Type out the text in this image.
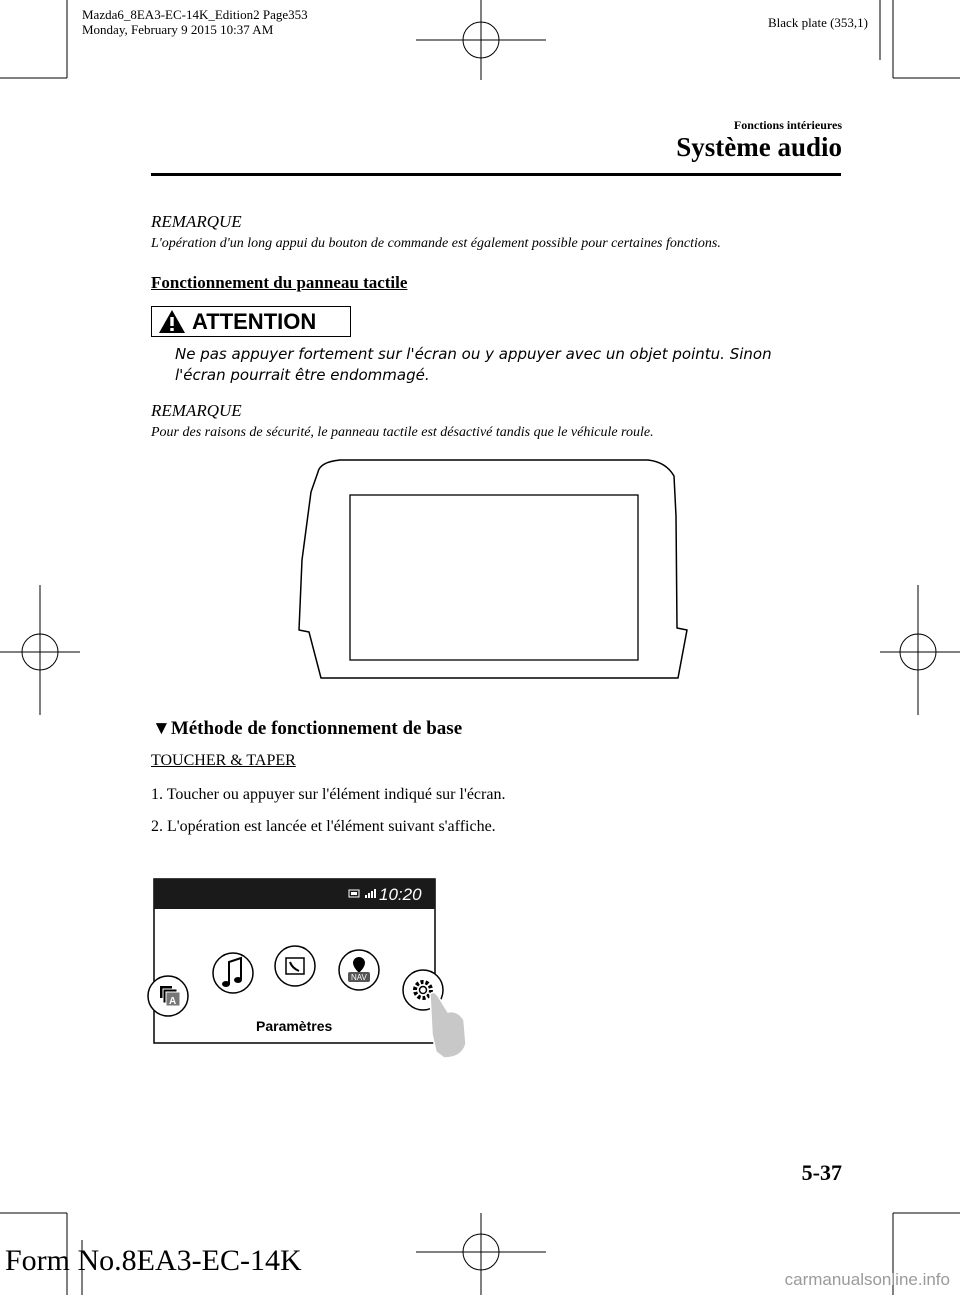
Mazda6_8EA3-EC-14K_Edition2 Page353
Monday, February 9 2015 10:37 AM	Black plate (353,1)
Fonctions intérieures
Système audio
REMARQUE
L'opération d'un long appui du bouton de commande est également possible pour certaines fonctions.
Fonctionnement du panneau tactile
ATTENTION
Ne pas appuyer fortement sur l'écran ou y appuyer avec un objet pointu. Sinon
l'écran pourrait être endommagé.
REMARQUE
Pour des raisons de sécurité, le panneau tactile est désactivé tandis que le véhicule roule.
▼Méthode de fonctionnement de base
TOUCHER & TAPER
1. Toucher ou appuyer sur l'élément indiqué sur l'écran.
2. L'opération est lancée et l'élément suivant s'affiche.
10:20
A
NAV
Paramètres
5-37
Form No.8EA3-EC-14K
carmanualsonline.info
